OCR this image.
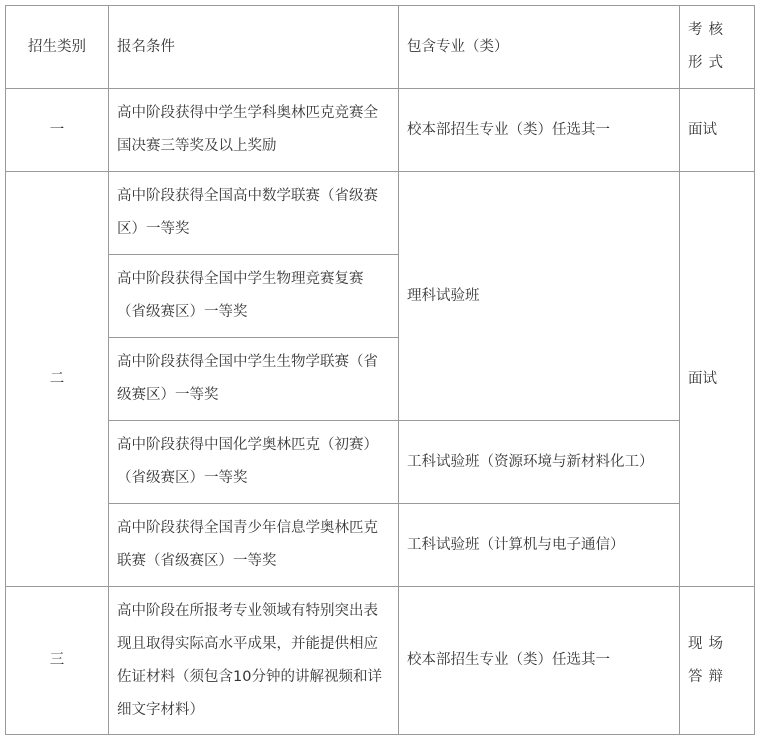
招生类别	报名条件	包含专业（类）	考核形式
一	高中阶段获得中学生学科奥林匹克竞赛全国决赛三等奖及以上奖励	校本部招生专业（类）任选其一	面试
二	高中阶段获得全国高中数学联赛（省级赛区）一等奖	理科试验班	面试
	高中阶段获得全国中学生物理竞赛复赛（省级赛区）一等奖		
	高中阶段获得全国中学生生物学联赛（省级赛区）一等奖		
	高中阶段获得中国化学奥林匹克（初赛）（省级赛区）一等奖	工科试验班（资源环境与新材料化工）	
	高中阶段获得全国青少年信息学奥林匹克联赛（省级赛区）一等奖	工科试验班（计算机与电子通信）	
三	高中阶段在所报考专业领域有特别突出表现且取得实际高水平成果，并能提供相应佐证材料（须包含10分钟的讲解视频和详细文字材料）	校本部招生专业（类）任选其一	现场答辩
